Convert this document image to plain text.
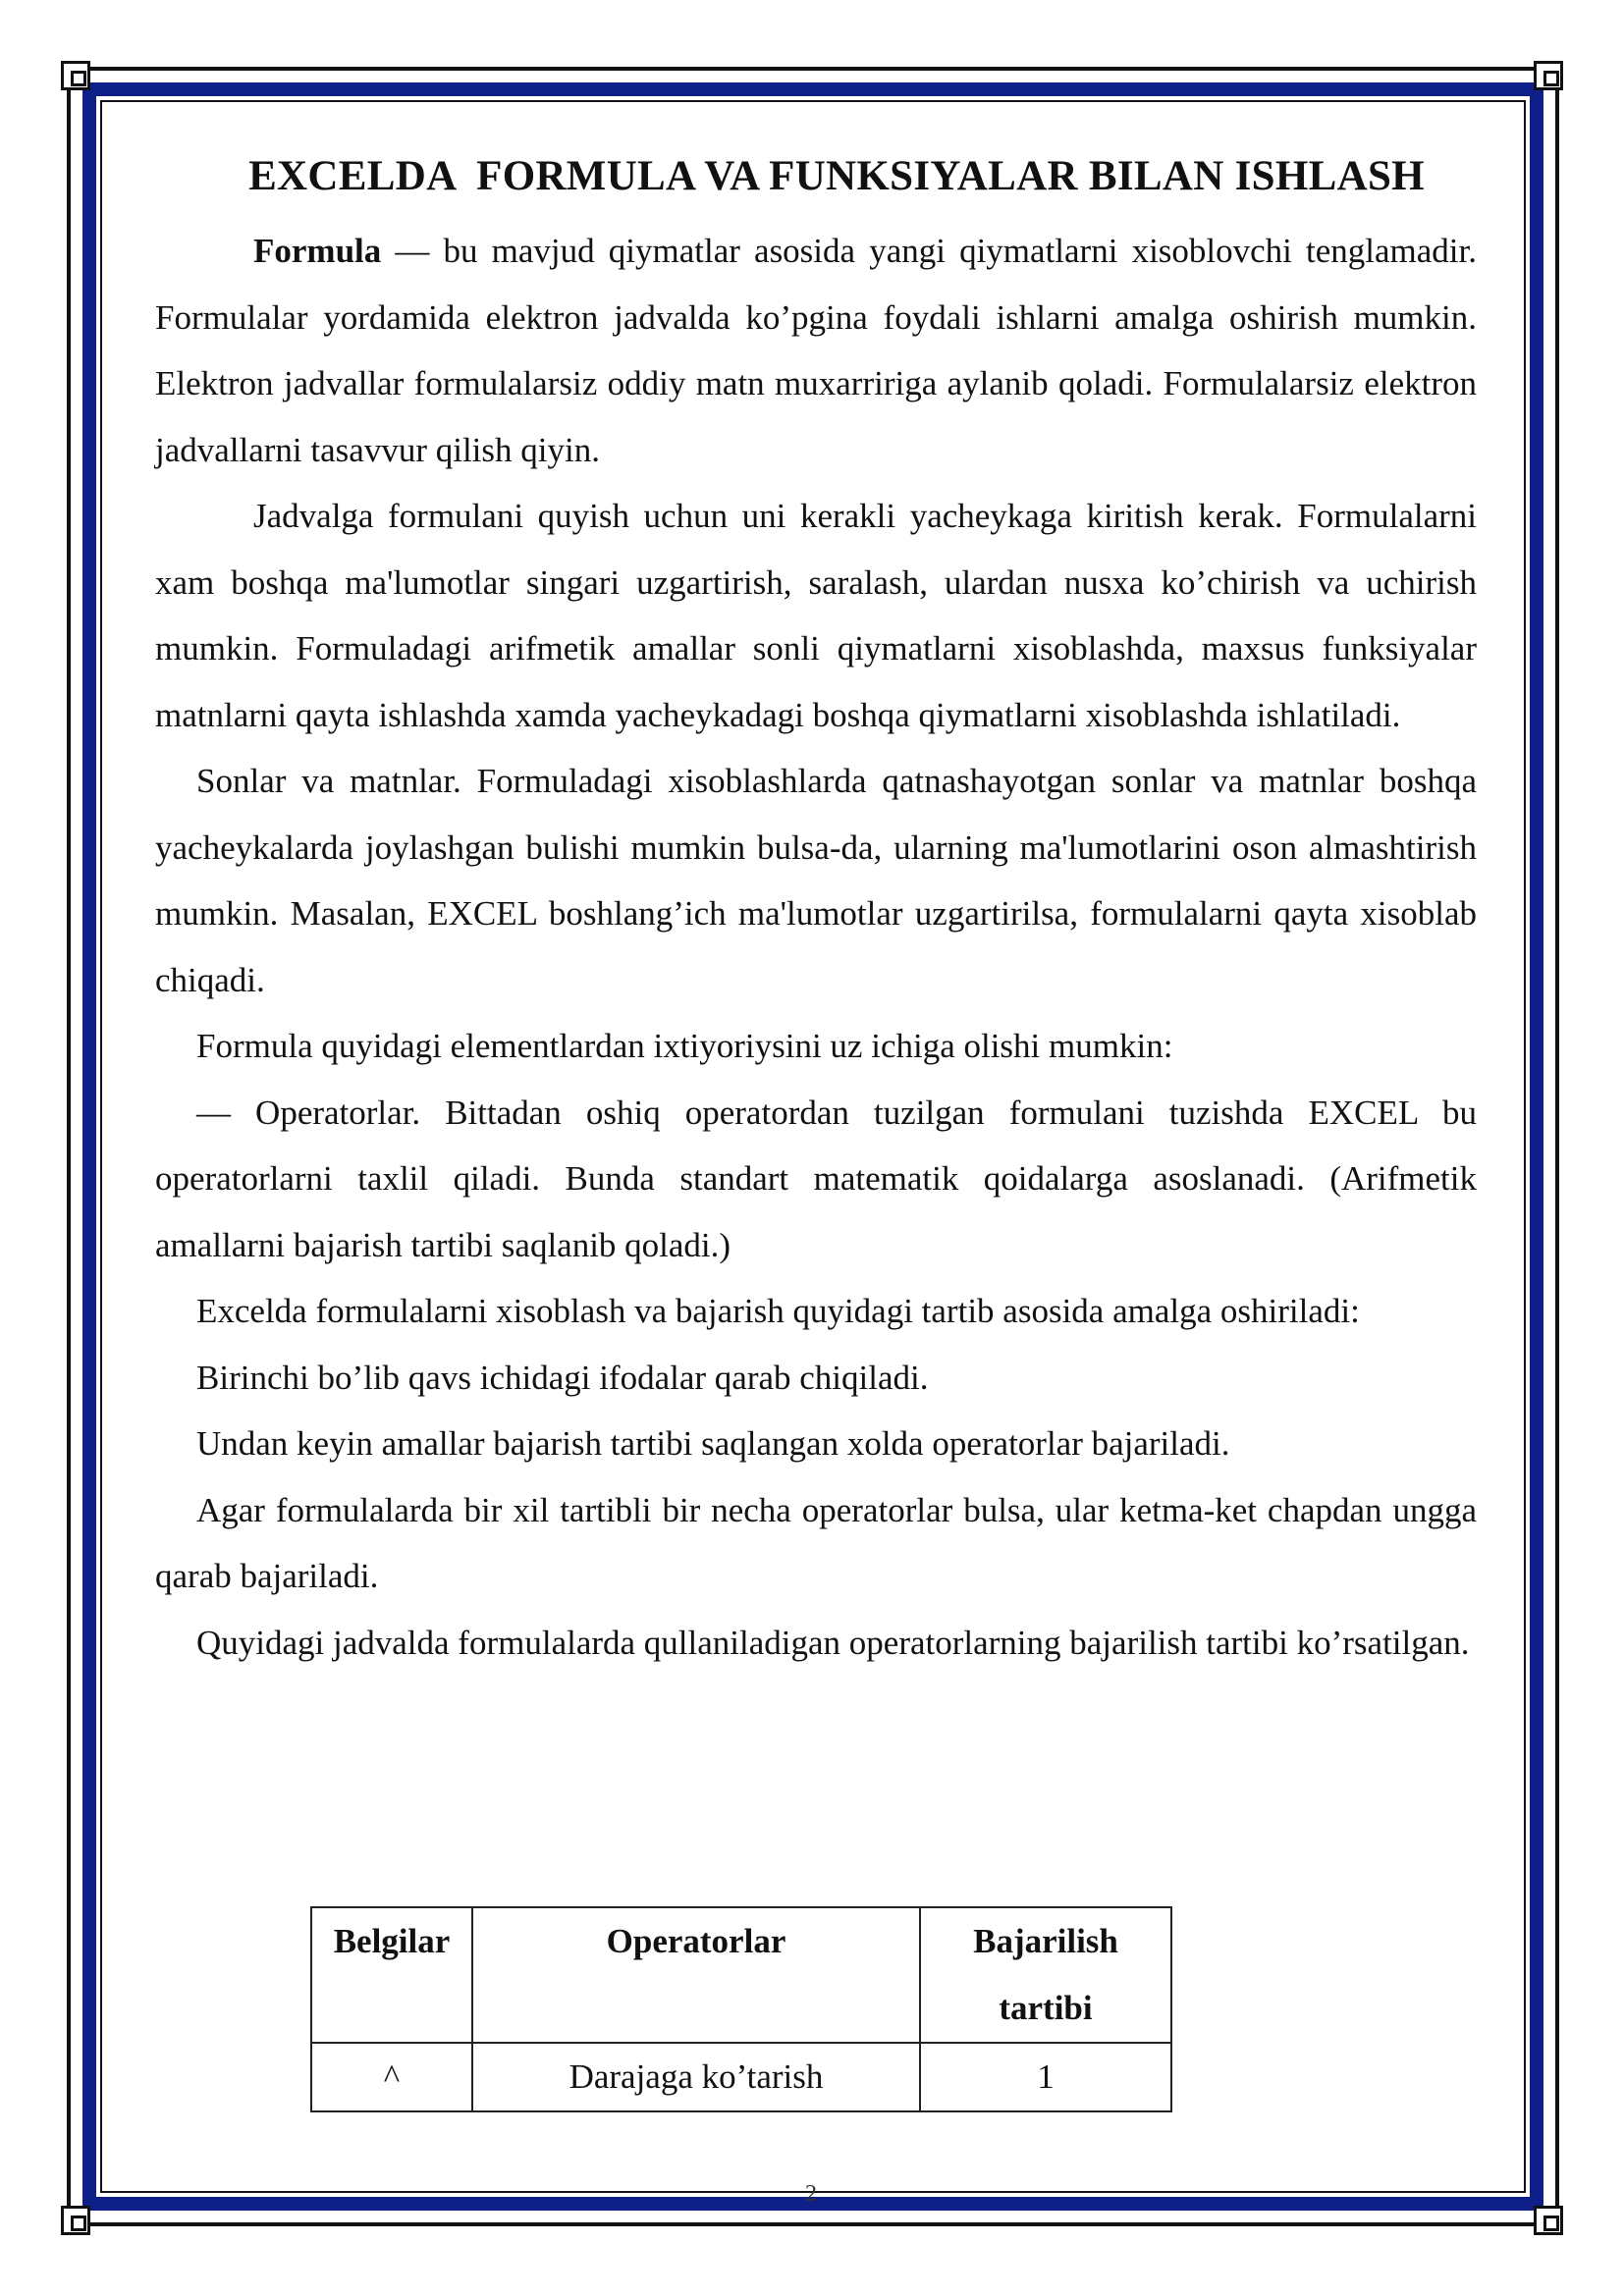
EXCELDA  FORMULA VA FUNKSIYALAR BILAN ISHLASH

Formula — bu mavjud qiymatlar asosida yangi qiymatlarni xisoblovchi tenglamadir. Formulalar yordamida elektron jadvalda ko’pgina foydali ishlarni amalga oshirish mumkin. Elektron jadvallar formulalarsiz oddiy matn muxarririga aylanib qoladi. Formulalarsiz elektron jadvallarni tasavvur qilish qiyin.

Jadvalga formulani quyish uchun uni kerakli yacheykaga kiritish kerak. Formulalarni xam boshqa ma'lumotlar singari uzgartirish, saralash, ulardan nusxa ko’chirish va uchirish mumkin. Formuladagi arifmetik amallar sonli qiymatlarni xisoblashda, maxsus funksiyalar matnlarni qayta ishlashda xamda yacheykadagi boshqa qiymatlarni xisoblashda ishlatiladi.

Sonlar va matnlar. Formuladagi xisoblashlarda qatnashayotgan sonlar va matnlar boshqa yacheykalarda joylashgan bulishi mumkin bulsa-da, ularning ma'lumotlarini oson almashtirish mumkin. Masalan, EXCEL boshlang’ich ma'lumotlar uzgartirilsa, formulalarni qayta xisoblab chiqadi.

Formula quyidagi elementlardan ixtiyoriysini uz ichiga olishi mumkin:

— Operatorlar. Bittadan oshiq operatordan tuzilgan formulani tuzishda EXCEL bu operatorlarni taxlil qiladi. Bunda standart matematik qoidalarga asoslanadi. (Arifmetik amallarni bajarish tartibi saqlanib qoladi.)

Excelda formulalarni xisoblash va bajarish quyidagi tartib asosida amalga oshiriladi:

Birinchi bo’lib qavs ichidagi ifodalar qarab chiqiladi.

Undan keyin amallar bajarish tartibi saqlangan xolda operatorlar bajariladi.

Agar formulalarda bir xil tartibli bir necha operatorlar bulsa, ular ketma-ket chapdan ungga qarab bajariladi.

Quyidagi jadvalda formulalarda qullaniladigan operatorlarning bajarilish tartibi ko’rsatilgan.

Belgilar	Operatorlar	Bajarilish tartibi
^	Darajaga ko’tarish	1
2
